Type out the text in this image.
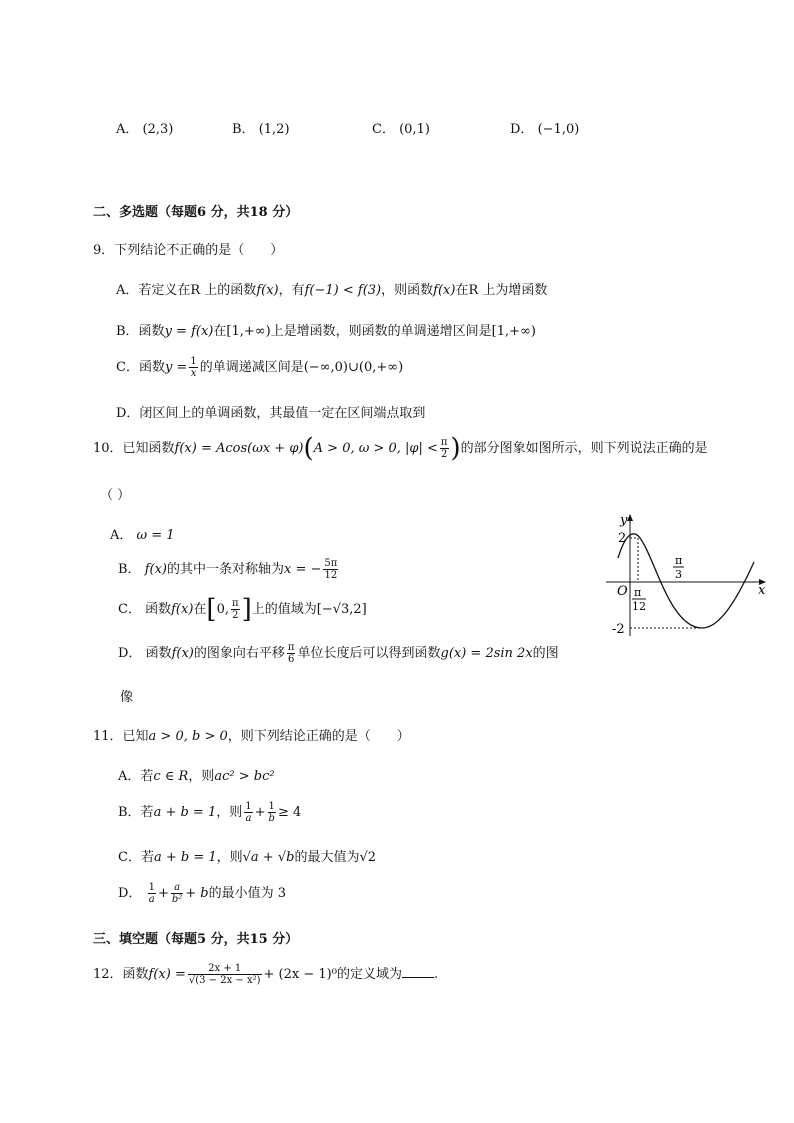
A． (2,3)	B． (1,2)	C． (0,1)	D． (−1,0)
二、多选题（每题6 分，共18 分）
9．下列结论不正确的是（　　）
A．若定义在R 上的函数f(x)，有f(−1) < f(3)，则函数f(x)在R 上为增函数
B．函数y = f(x)在[1,+∞)上是增函数，则函数的单调递增区间是[1,+∞)
C．函数$y = \frac{1}{x}$ 的单调递减区间是(−∞,0)∪(0,+∞)
D．闭区间上的单调函数，其最值一定在区间端点取到
10．已知函数f(x) = Acos(ωx + φ)(A > 0, ω > 0, $|\varphi| < \frac{\pi}{2}$ )的部分图象如图所示，则下列说法正确的是
（ ）
A． ω = 1
B． f(x)的其中一条对称轴为x = − $\frac{5\pi}{12}$
C． 函数f(x)在[0, $\frac{\pi}{2}$ ]上的值域为[−√3,2]
D． 函数f(x)的图象向右平移 $\frac{\pi}{6}$ 单位长度后可以得到函数g(x) = 2sin 2x的图
像
y
x
O
2
-2
π
12
π
3
11．已知a > 0, b > 0，则下列结论正确的是（　　）
A．若c ∈ R，则ac² > bc²
B．若a + b = 1，则 $\frac{1}{a} + \frac{1}{b} \ge 4$
C．若a + b = 1，则√a + √b的最大值为√2
D． $\frac{1}{a} + \frac{a}{\text{b²}} + b$的最小值为 3
三、填空题（每题5 分，共15 分）
12．函数$f(x) = \frac{2x + 1}{\text{√(3 − 2x − x²)}} + (2x - 1)^0$的定义域为 .
